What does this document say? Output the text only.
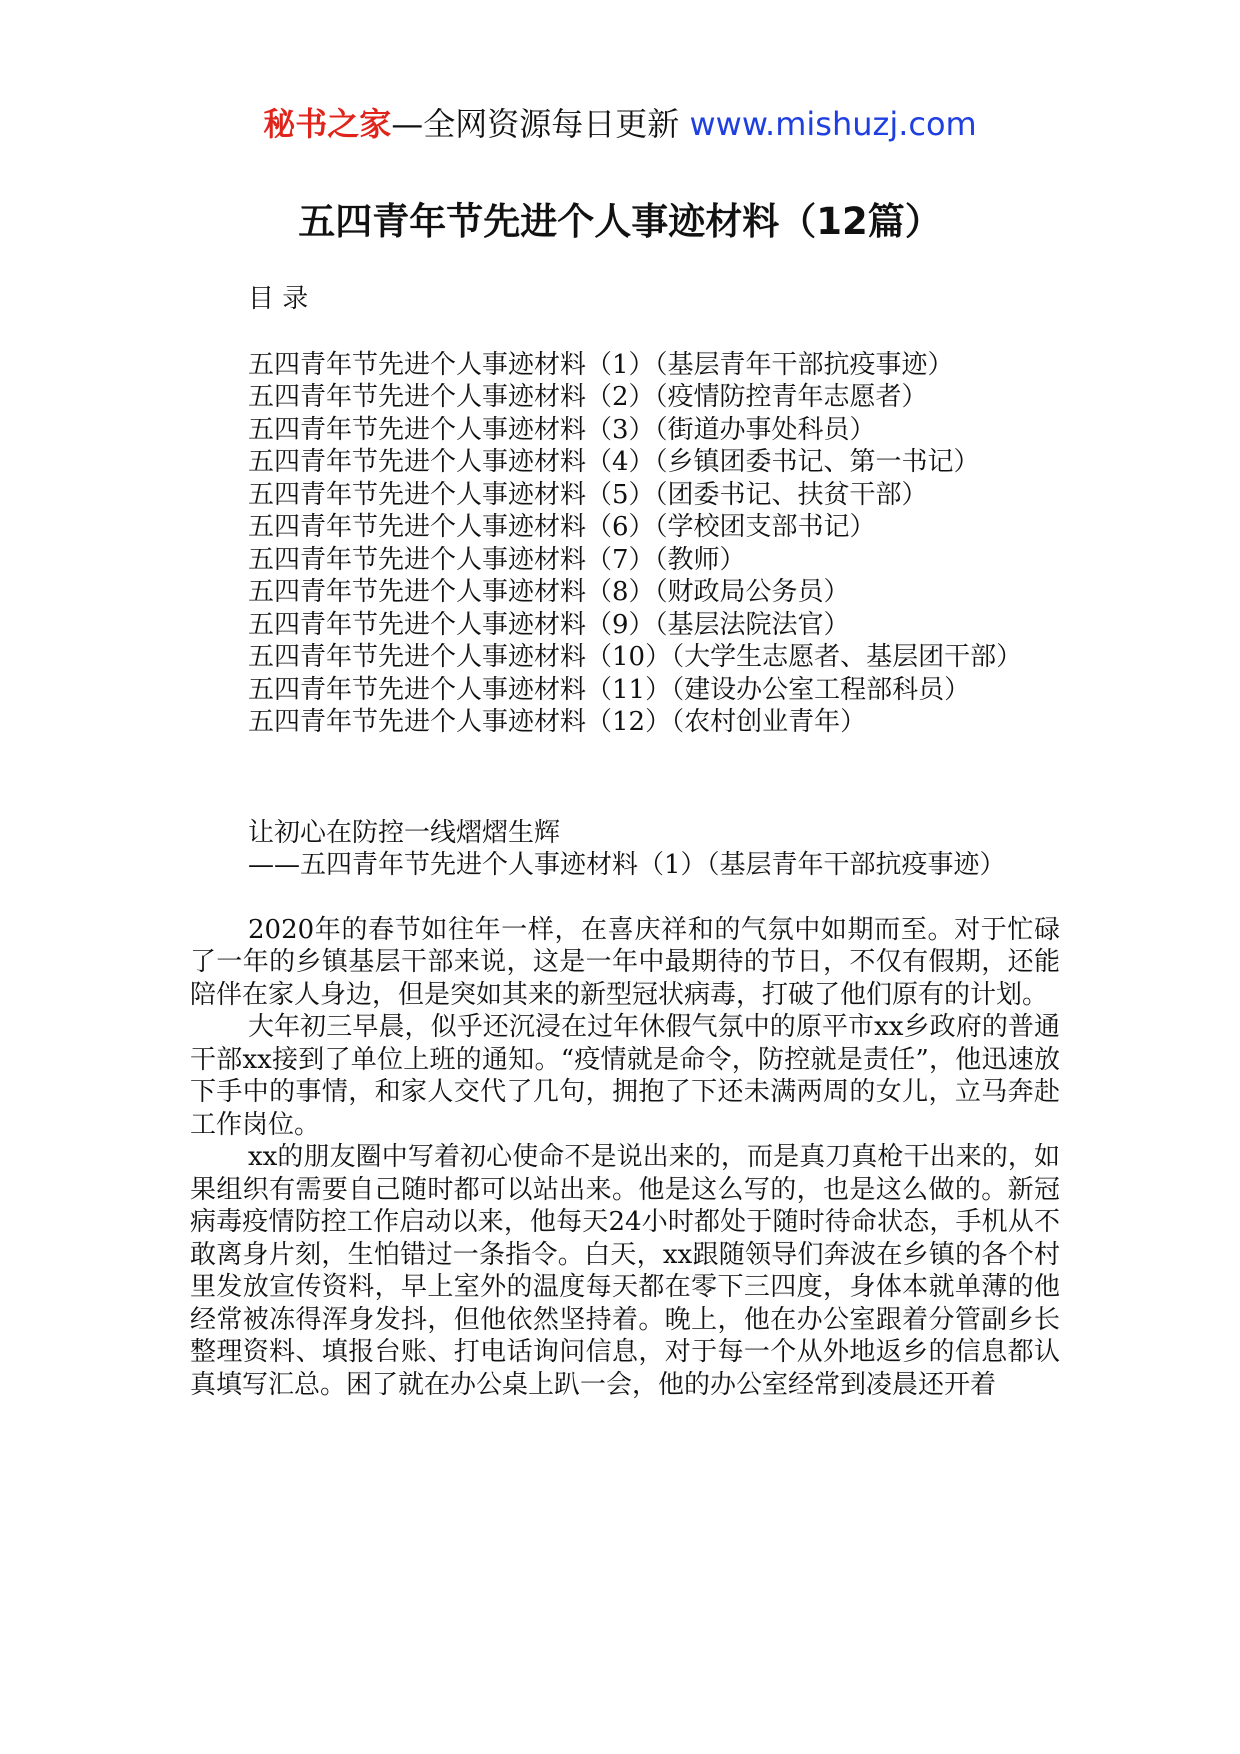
秘书之家—全网资源每日更新 www.mishuzj.com
五四青年节先进个人事迹材料（12篇）

目 录

五四青年节先进个人事迹材料（1）（基层青年干部抗疫事迹）
五四青年节先进个人事迹材料（2）（疫情防控青年志愿者）
五四青年节先进个人事迹材料（3）（街道办事处科员）
五四青年节先进个人事迹材料（4）（乡镇团委书记、第一书记）
五四青年节先进个人事迹材料（5）（团委书记、扶贫干部）
五四青年节先进个人事迹材料（6）（学校团支部书记）
五四青年节先进个人事迹材料（7）（教师）
五四青年节先进个人事迹材料（8）（财政局公务员）
五四青年节先进个人事迹材料（9）（基层法院法官）
五四青年节先进个人事迹材料（10）（大学生志愿者、基层团干部）
五四青年节先进个人事迹材料（11）（建设办公室工程部科员）
五四青年节先进个人事迹材料（12）（农村创业青年）

让初心在防控一线熠熠生辉

——五四青年节先进个人事迹材料（1）（基层青年干部抗疫事迹）

2020年的春节如往年一样，在喜庆祥和的气氛中如期而至。对于忙碌了一年的乡镇基层干部来说，这是一年中最期待的节日，不仅有假期，还能陪伴在家人身边，但是突如其来的新型冠状病毒，打破了他们原有的计划。

大年初三早晨，似乎还沉浸在过年休假气氛中的原平市xx乡政府的普通干部xx接到了单位上班的通知。“疫情就是命令，防控就是责任”，他迅速放下手中的事情，和家人交代了几句，拥抱了下还未满两周的女儿，立马奔赴工作岗位。

xx的朋友圈中写着初心使命不是说出来的，而是真刀真枪干出来的，如果组织有需要自己随时都可以站出来。他是这么写的，也是这么做的。新冠病毒疫情防控工作启动以来，他每天24小时都处于随时待命状态，手机从不敢离身片刻，生怕错过一条指令。白天，xx跟随领导们奔波在乡镇的各个村里发放宣传资料，早上室外的温度每天都在零下三四度，身体本就单薄的他经常被冻得浑身发抖，但他依然坚持着。晚上，他在办公室跟着分管副乡长整理资料、填报台账、打电话询问信息，对于每一个从外地返乡的信息都认真填写汇总。困了就在办公桌上趴一会，他的办公室经常到凌晨还开着
